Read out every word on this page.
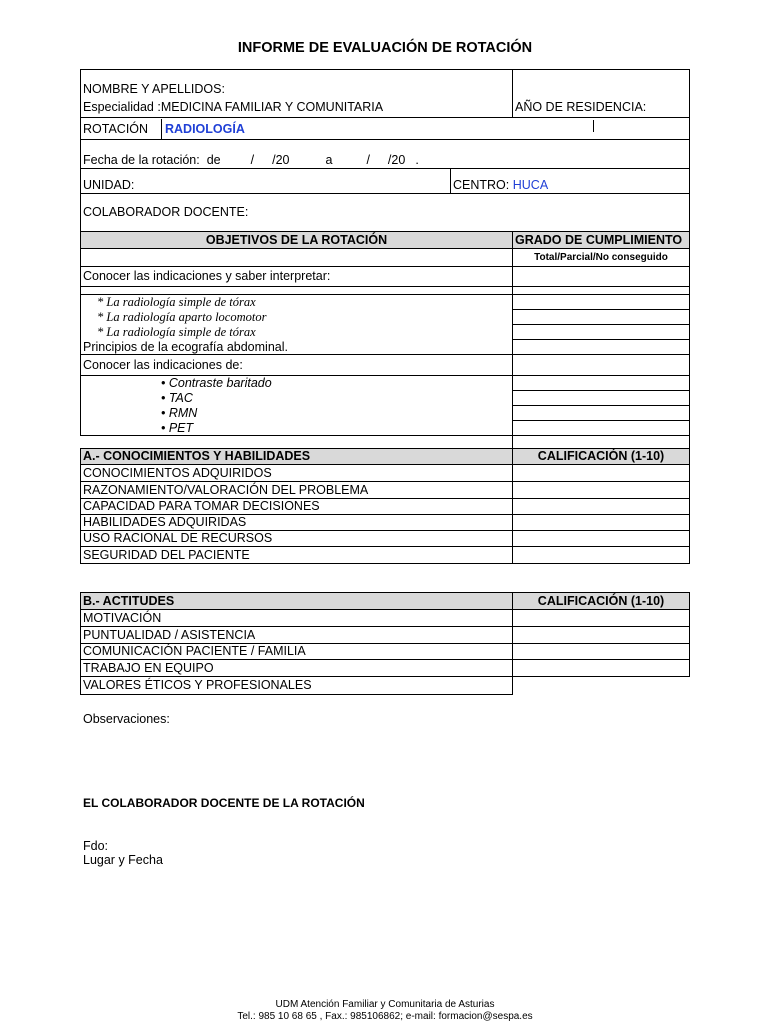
INFORME DE EVALUACIÓN DE ROTACIÓN
NOMBRE Y APELLIDOS:		
Especialidad :MEDICINA FAMILIAR Y COMUNITARIA		AÑO DE RESIDENCIA:
ROTACIÓN RADIOLOGÍA		

Fecha de la rotación: de / /20 a / /20 .		
UNIDAD:	CENTRO: HUCA	
COLABORADOR DOCENTE:		
OBJETIVOS DE LA ROTACIÓN	GRADO DE CUMPLIMIENTO
	Total/Parcial/No conseguido
Conocer las indicaciones y saber interpretar:	

* La radiología simple de tórax	
* La radiología aparto locomotor	
* La radiología simple de tórax	
Principios de la ecografía abdominal.	
Conocer las indicaciones de:	
• Contraste baritado	
• TAC	
• RMN	
• PET	

A.- CONOCIMIENTOS Y HABILIDADES	CALIFICACIÓN (1-10)
CONOCIMIENTOS ADQUIRIDOS	
RAZONAMIENTO/VALORACIÓN DEL PROBLEMA	
CAPACIDAD PARA TOMAR DECISIONES	
HABILIDADES ADQUIRIDAS	
USO RACIONAL DE RECURSOS	
SEGURIDAD DEL PACIENTE	
B.- ACTITUDES	CALIFICACIÓN (1-10)
MOTIVACIÓN	
PUNTUALIDAD / ASISTENCIA	
COMUNICACIÓN PACIENTE / FAMILIA	
TRABAJO EN EQUIPO	
VALORES ÉTICOS Y PROFESIONALES	
Observaciones:
EL COLABORADOR DOCENTE DE LA ROTACIÓN
Fdo:
Lugar y Fecha
UDM Atención Familiar y Comunitaria de Asturias
Tel.: 985 10 68 65 , Fax.: 985106862; e-mail: formacion@sespa.es
